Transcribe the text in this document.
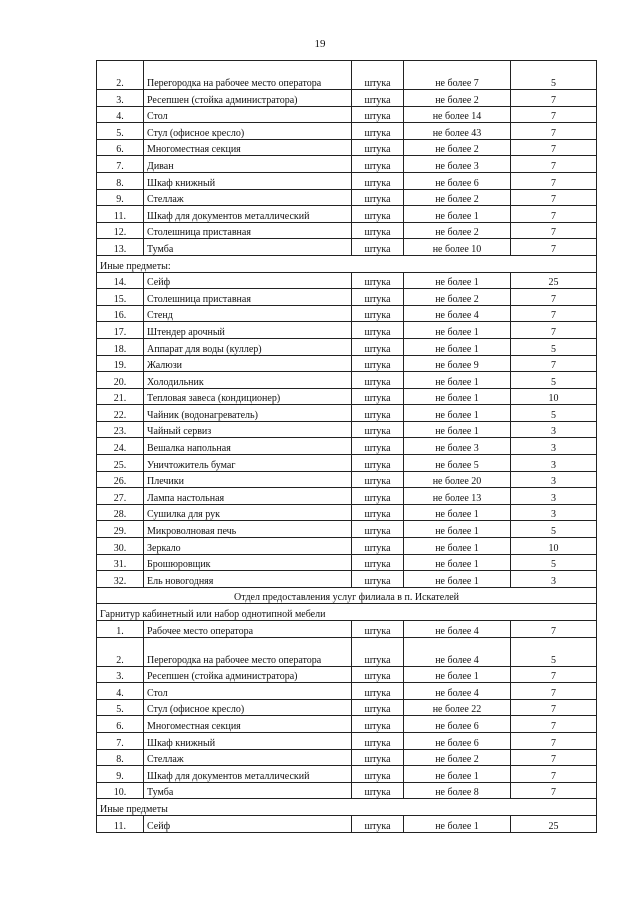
19
2.	Перегородка на рабочее место оператора	штука	не более 7	5
3.	Ресепшен (стойка администратора)	штука	не более 2	7
4.	Стол	штука	не более 14	7
5.	Стул (офисное кресло)	штука	не более 43	7
6.	Многоместная секция	штука	не более 2	7
7.	Диван	штука	не более 3	7
8.	Шкаф книжный	штука	не более 6	7
9.	Стеллаж	штука	не более 2	7
11.	Шкаф для документов металлический	штука	не более 1	7
12.	Столешница приставная	штука	не более 2	7
13.	Тумба	штука	не более 10	7
Иные предметы:				
14.	Сейф	штука	не более 1	25
15.	Столешница приставная	штука	не более 2	7
16.	Стенд	штука	не более 4	7
17.	Штендер арочный	штука	не более 1	7
18.	Аппарат для воды (куллер)	штука	не более 1	5
19.	Жалюзи	штука	не более 9	7
20.	Холодильник	штука	не более 1	5
21.	Тепловая завеса (кондиционер)	штука	не более 1	10
22.	Чайник (водонагреватель)	штука	не более 1	5
23.	Чайный сервиз	штука	не более 1	3
24.	Вешалка напольная	штука	не более 3	3
25.	Уничтожитель бумаг	штука	не более 5	3
26.	Плечики	штука	не более 20	3
27.	Лампа настольная	штука	не более 13	3
28.	Сушилка для рук	штука	не более 1	3
29.	Микроволновая печь	штука	не более 1	5
30.	Зеркало	штука	не более 1	10
31.	Брошюровщик	штука	не более 1	5
32.	Ель новогодняя	штука	не более 1	3
Отдел предоставления услуг филиала в п. Искателей				
Гарнитур кабинетный или набор однотипной мебели				
1.	Рабочее место оператора	штука	не более 4	7
2.	Перегородка на рабочее место оператора	штука	не более 4	5
3.	Ресепшен (стойка администратора)	штука	не более 1	7
4.	Стол	штука	не более 4	7
5.	Стул (офисное кресло)	штука	не более 22	7
6.	Многоместная секция	штука	не более 6	7
7.	Шкаф книжный	штука	не более 6	7
8.	Стеллаж	штука	не более 2	7
9.	Шкаф для документов металлический	штука	не более 1	7
10.	Тумба	штука	не более 8	7
Иные предметы				
11.	Сейф	штука	не более 1	25
